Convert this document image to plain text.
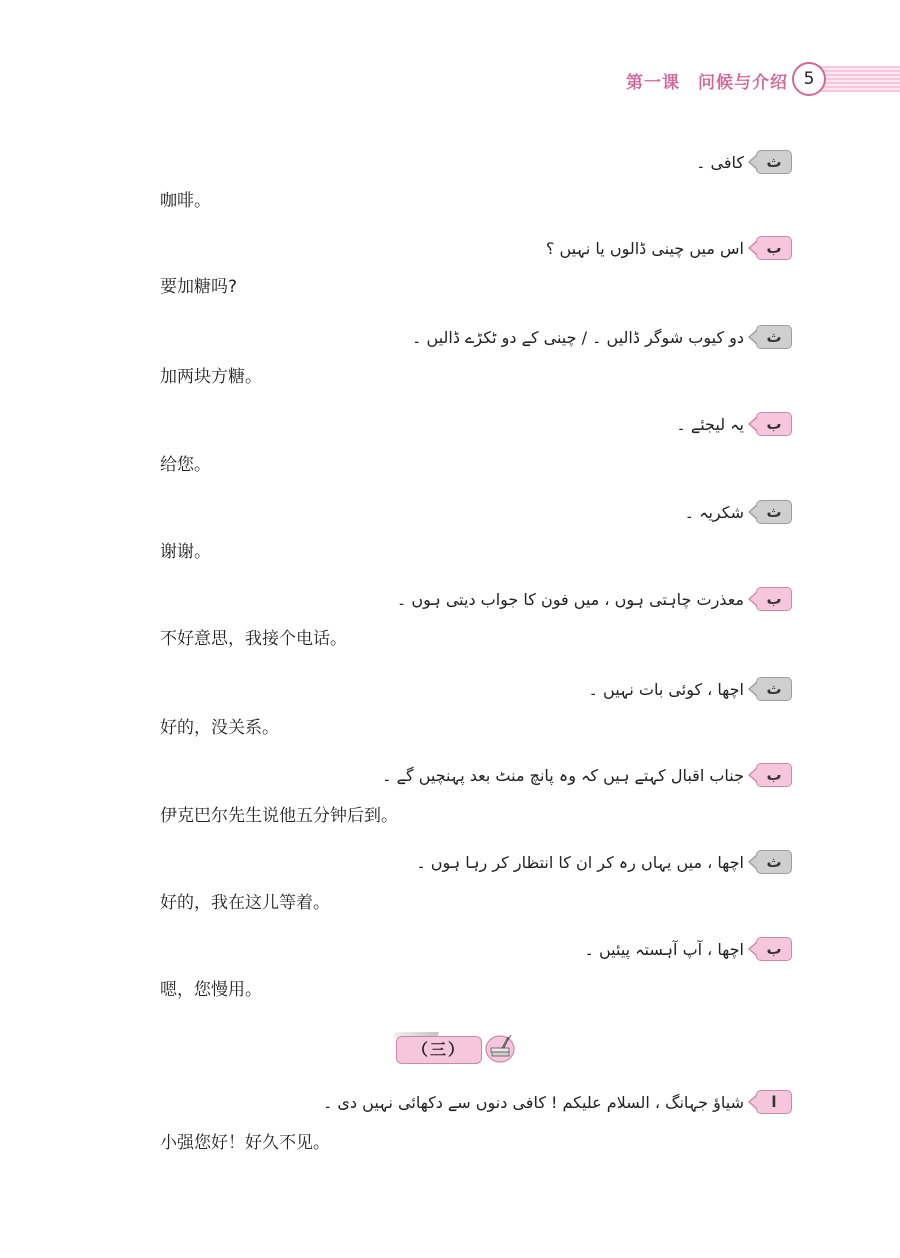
第一课　问候与介绍 5
کافی ۔	ث
咖啡。
اس میں چینی ڈالوں یا نہیں ؟	ب
要加糖吗?
دو کیوب شوگر ڈالیں ۔ / چینی کے دو ٹکڑے ڈالیں ۔	ث
加两块方糖。
یہ لیجئے ۔	ب
给您。
شکریہ ۔	ث
谢谢。
معذرت چاہتی ہوں ، میں فون کا جواب دیتی ہوں ۔	ب
不好意思，我接个电话。
اچھا ، کوئی بات نہیں ۔	ث
好的，没关系。
جناب اقبال کہتے ہیں کہ وہ پانچ منٹ بعد پہنچیں گے ۔	ب
伊克巴尔先生说他五分钟后到。
اچھا ، میں یہاں رہ کر ان کا انتظار کر رہا ہوں ۔	ث
好的，我在这儿等着。
اچھا ، آپ آہستہ پیئیں ۔	ب
嗯，您慢用。
（三）
شیاؤ جہانگ ، السلام علیکم ! کافی دنوں سے دکھائی نہیں دی ۔	ا
小强您好！好久不见。
